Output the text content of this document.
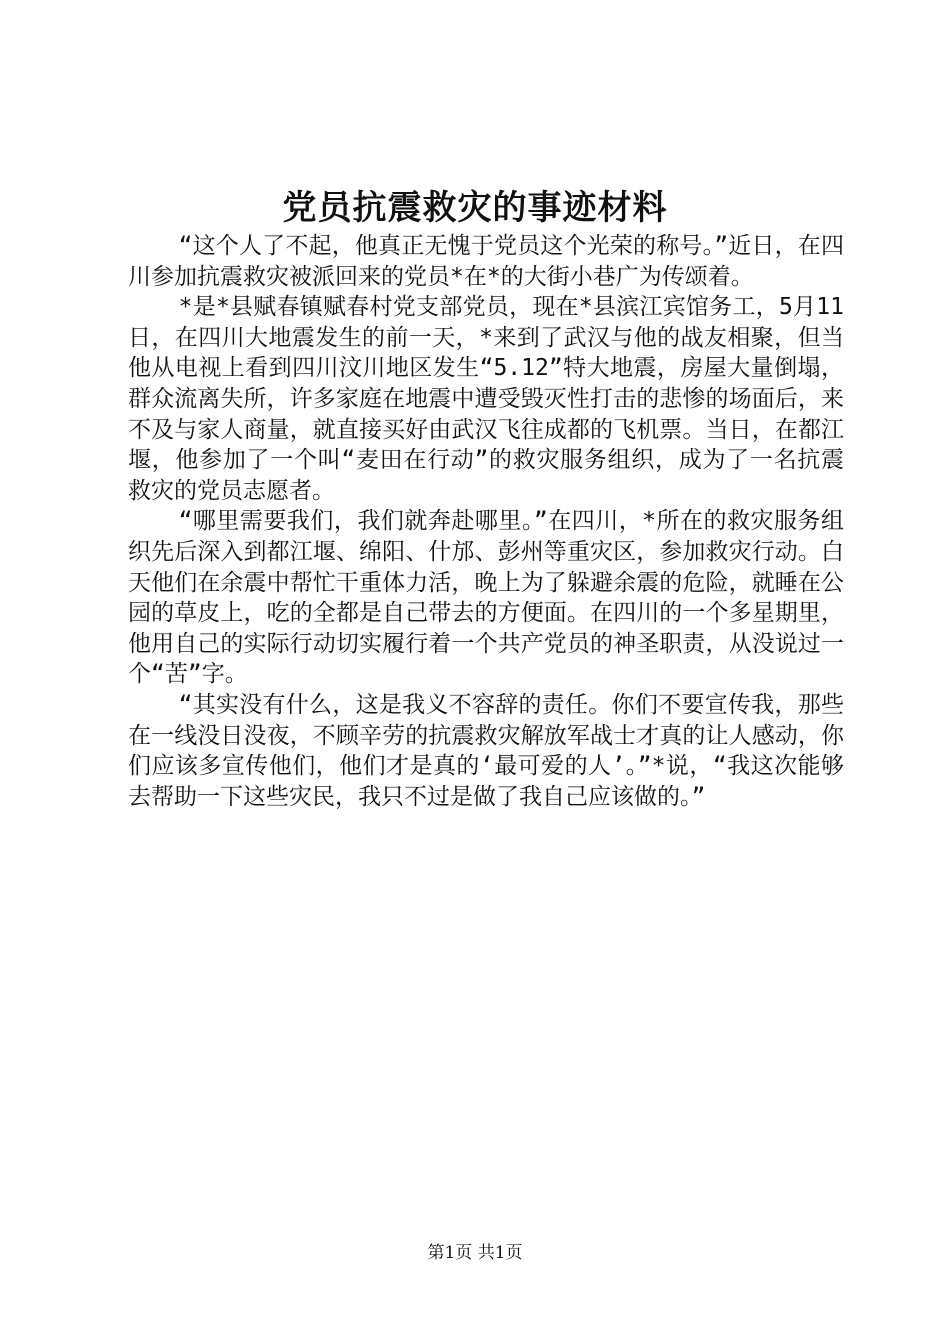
党员抗震救灾的事迹材料

“这个人了不起，他真正无愧于党员这个光荣的称号。”近日，在四川参加抗震救灾被派回来的党员*在*的大街小巷广为传颂着。

*是*县赋春镇赋春村党支部党员，现在*县滨江宾馆务工，5月11日，在四川大地震发生的前一天，*来到了武汉与他的战友相聚，但当他从电视上看到四川汶川地区发生“5.12”特大地震，房屋大量倒塌，群众流离失所，许多家庭在地震中遭受毁灭性打击的悲惨的场面后，来不及与家人商量，就直接买好由武汉飞往成都的飞机票。当日，在都江堰，他参加了一个叫“麦田在行动”的救灾服务组织，成为了一名抗震救灾的党员志愿者。

“哪里需要我们，我们就奔赴哪里。”在四川，*所在的救灾服务组织先后深入到都江堰、绵阳、什邡、彭州等重灾区，参加救灾行动。白天他们在余震中帮忙干重体力活，晚上为了躲避余震的危险，就睡在公园的草皮上，吃的全都是自己带去的方便面。在四川的一个多星期里，他用自己的实际行动切实履行着一个共产党员的神圣职责，从没说过一个“苦”字。

“其实没有什么，这是我义不容辞的责任。你们不要宣传我，那些在一线没日没夜，不顾辛劳的抗震救灾解放军战士才真的让人感动，你们应该多宣传他们，他们才是真的‘最可爱的人’。”*说，“我这次能够去帮助一下这些灾民，我只不过是做了我自己应该做的。”

第1页 共1页
